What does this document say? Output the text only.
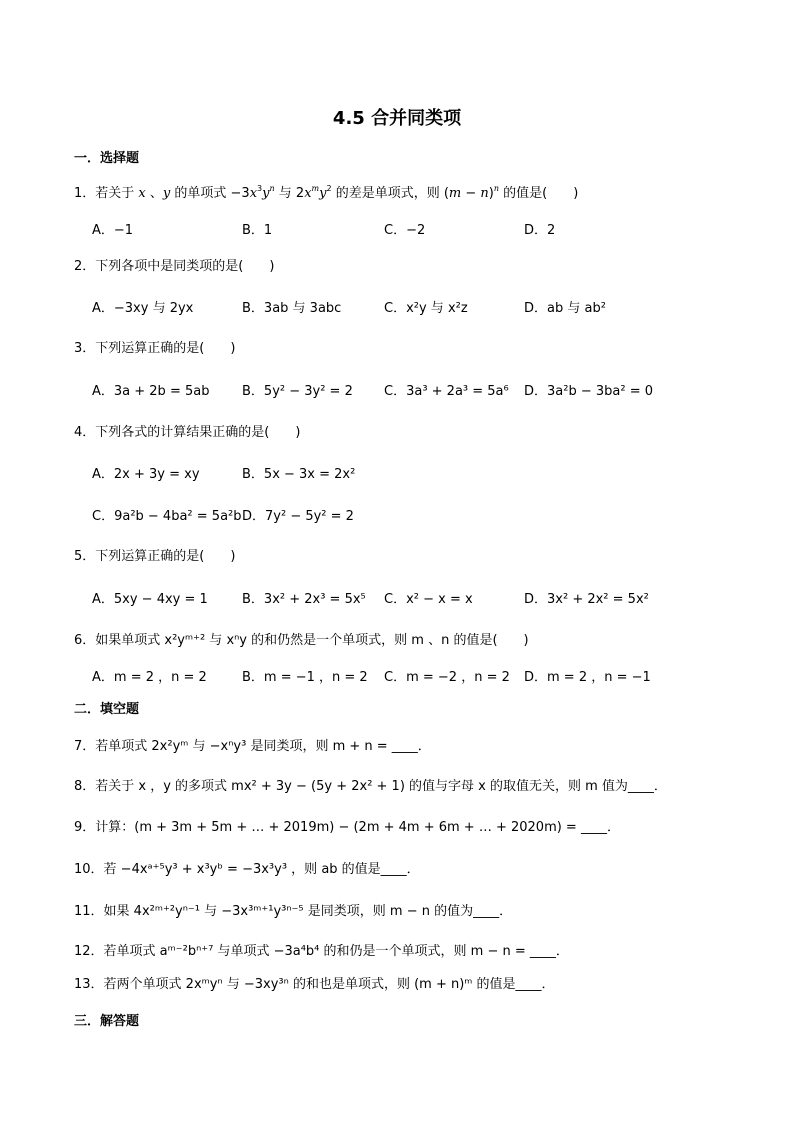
4.5 合并同类项
一．选择题
1．若关于 x 、y 的单项式 $-3x^3y^n$ 与 $2x^my^2$ 的差是单项式，则 $(m - n)^n$ 的值是(　　)
A．−1	B．1	C．−2	D．2
2．下列各项中是同类项的是(　　)
A．−3xy 与 2yx	B．3ab 与 3abc	C．x²y 与 x²z	D．ab 与 ab²
3．下列运算正确的是(　　)
A．3a + 2b = 5ab	B．5y² − 3y² = 2 C．3a³ + 2a³ = 5a⁶ D．3a²b − 3ba² = 0
4．下列各式的计算结果正确的是(　　)
A．2x + 3y = xy	B．5x − 3x = 2x²
C．9a²b − 4ba² = 5a²b D．7y² − 5y² = 2
5．下列运算正确的是(　　)
A．5xy − 4xy = 1	B．3x² + 2x³ = 5x⁵ C．x² − x = x	D．3x² + 2x² = 5x²
6．如果单项式 x²yᵐ⁺² 与 xⁿy 的和仍然是一个单项式，则 m 、n 的值是(　　)
A．m = 2 ，n = 2	B．m = −1 ，n = 2 C．m = −2 ，n = 2 D．m = 2 ，n = −1
二．填空题
7．若单项式 2x²yᵐ 与 −xⁿy³ 是同类项，则 m + n = ____．
8．若关于 x ，y 的多项式 mx² + 3y − (5y + 2x² + 1) 的值与字母 x 的取值无关，则 m 值为____．
9．计算：(m + 3m + 5m + … + 2019m) − (2m + 4m + 6m + … + 2020m) = ____．
10．若 −4xᵃ⁺⁵y³ + x³yᵇ = −3x³y³ ，则 ab 的值是____．
11．如果 4x²ᵐ⁺²yⁿ⁻¹ 与 −3x³ᵐ⁺¹y³ⁿ⁻⁵ 是同类项，则 m − n 的值为____．
12．若单项式 aᵐ⁻²bⁿ⁺⁷ 与单项式 −3a⁴b⁴ 的和仍是一个单项式，则 m − n = ____．
13．若两个单项式 2xᵐyⁿ 与 −3xy³ⁿ 的和也是单项式，则 (m + n)ᵐ 的值是____．
三．解答题
